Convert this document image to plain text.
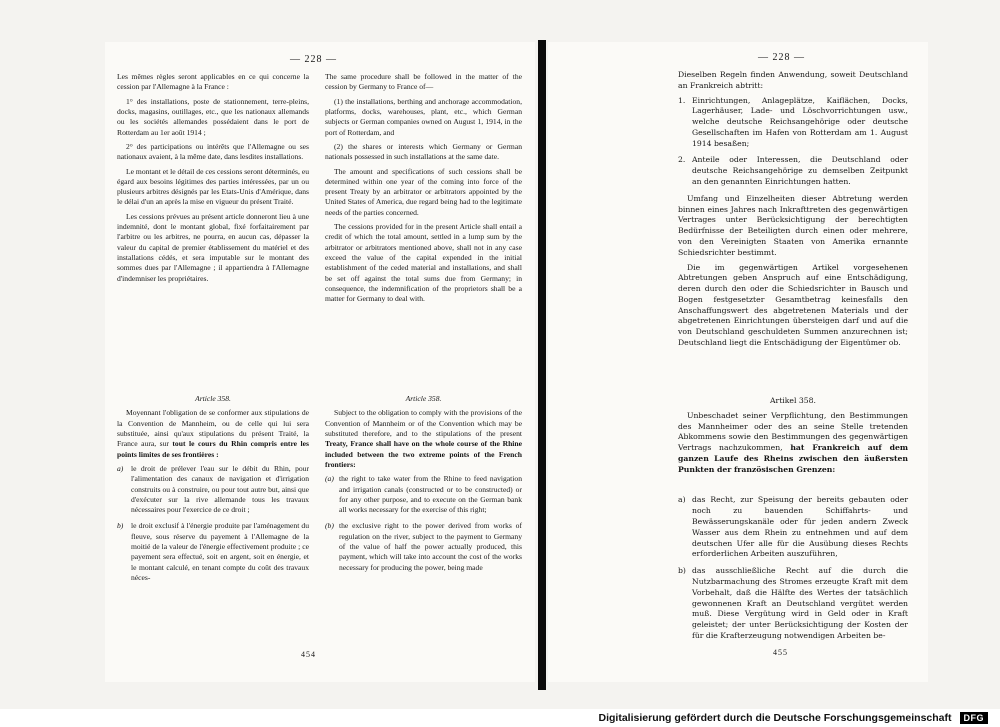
— 228 —

Les mêmes règles seront applicables en ce qui concerne la cession par l'Allemagne à la France :

1° des installations, poste de stationnement, terre-pleins, docks, magasins, outillages, etc., que les nationaux allemands ou les sociétés allemandes possédaient dans le port de Rotterdam au 1er août 1914 ;

2° des participations ou intérêts que l'Allemagne ou ses nationaux avaient, à la même date, dans lesdites installations.

Le montant et le détail de ces cessions seront déterminés, eu égard aux besoins légitimes des parties intéressées, par un ou plusieurs arbitres désignés par les Etats-Unis d'Amérique, dans le délai d'un an après la mise en vigueur du présent Traité.

Les cessions prévues au présent article donneront lieu à une indemnité, dont le montant global, fixé forfaitairement par l'arbitre ou les arbitres, ne pourra, en aucun cas, dépasser la valeur du capital de premier établissement du matériel et des installations cédés, et sera imputable sur le montant des sommes dues par l'Allemagne ; il appartiendra à l'Allemagne d'indemniser les propriétaires.

The same procedure shall be followed in the matter of the cession by Germany to France of—

(1) the installations, berthing and anchorage accommodation, platforms, docks, warehouses, plant, etc., which German subjects or German companies owned on August 1, 1914, in the port of Rotterdam, and

(2) the shares or interests which Germany or German nationals possessed in such installations at the same date.

The amount and specifications of such cessions shall be determined within one year of the coming into force of the present Treaty by an arbitrator or arbitrators appointed by the United States of America, due regard being had to the legitimate needs of the parties concerned.

The cessions provided for in the present Article shall entail a credit of which the total amount, settled in a lump sum by the arbitrator or arbitrators mentioned above, shall not in any case exceed the value of the capital expended in the initial establishment of the ceded material and installations, and shall be set off against the total sums due from Germany; in consequence, the indemnification of the proprietors shall be a matter for Germany to deal with.

Article 358.

Moyennant l'obligation de se conformer aux stipulations de la Convention de Mannheim, ou de celle qui lui sera substituée, ainsi qu'aux stipulations du présent Traité, la France aura, sur tout le cours du Rhin compris entre les points limites de ses frontières :

a) le droit de prélever l'eau sur le débit du Rhin, pour l'alimentation des canaux de navigation et d'irrigation construits ou à construire, ou pour tout autre but, ainsi que d'exécuter sur la rive allemande tous les travaux nécessaires pour l'exercice de ce droit ;
b) le droit exclusif à l'énergie produite par l'aménagement du fleuve, sous réserve du payement à l'Allemagne de la moitié de la valeur de l'énergie effectivement produite ; ce payement sera effectué, soit en argent, soit en énergie, et le montant calculé, en tenant compte du coût des travaux néces-
Article 358.

Subject to the obligation to comply with the provisions of the Convention of Mannheim or of the Convention which may be substituted therefore, and to the stipulations of the present Treaty, France shall have on the whole course of the Rhine included between the two extreme points of the French frontiers:

(a) the right to take water from the Rhine to feed navigation and irrigation canals (constructed or to be constructed) or for any other purpose, and to execute on the German bank all works necessary for the exercise of this right;
(b) the exclusive right to the power derived from works of regulation on the river, subject to the payment to Germany of the value of half the power actually produced, this payment, which will take into account the cost of the works necessary for producing the power, being made
454
— 228 —

Dieselben Regeln finden Anwendung, soweit Deutschland an Frankreich abtritt:

1. Einrichtungen, Anlageplätze, Kaiflächen, Docks, Lagerhäuser, Lade- und Löschvorrichtungen usw., welche deutsche Reichsangehörige oder deutsche Gesellschaften im Hafen von Rotterdam am 1. August 1914 besaßen;
2. Anteile oder Interessen, die Deutschland oder deutsche Reichsangehörige zu demselben Zeitpunkt an den genannten Einrichtungen hatten.

Umfang und Einzelheiten dieser Abtretung werden binnen eines Jahres nach Inkrafttreten des gegenwärtigen Vertrages unter Berücksichtigung der berechtigten Bedürfnisse der Beteiligten durch einen oder mehrere, von den Vereinigten Staaten von Amerika ernannte Schiedsrichter bestimmt.

Die im gegenwärtigen Artikel vorgesehenen Abtretungen geben Anspruch auf eine Entschädigung, deren durch den oder die Schiedsrichter in Bausch und Bogen festgesetzter Gesamtbetrag keinesfalls den Anschaffungswert des abgetretenen Materials und der abgetretenen Einrichtungen übersteigen darf und auf die von Deutschland geschuldeten Summen anzurechnen ist; Deutschland liegt die Entschädigung der Eigentümer ob.

Artikel 358.

Unbeschadet seiner Verpflichtung, den Bestimmungen des Mannheimer oder des an seine Stelle tretenden Abkommens sowie den Bestimmungen des gegenwärtigen Vertrags nachzukommen, hat Frankreich auf dem ganzen Laufe des Rheins zwischen den äußersten Punkten der französischen Grenzen:

a) das Recht, zur Speisung der bereits gebauten oder noch zu bauenden Schiffahrts- und Bewässerungskanäle oder für jeden andern Zweck Wasser aus dem Rhein zu entnehmen und auf dem deutschen Ufer alle für die Ausübung dieses Rechts erforderlichen Arbeiten auszuführen,
b) das ausschließliche Recht auf die durch die Nutzbarmachung des Stromes erzeugte Kraft mit dem Vorbehalt, daß die Hälfte des Wertes der tatsächlich gewonnenen Kraft an Deutschland vergütet werden muß. Diese Vergütung wird in Geld oder in Kraft geleistet; der unter Berücksichtigung der Kosten der für die Krafterzeugung notwendigen Arbeiten be-
455
Digitalisierung gefördert durch die Deutsche Forschungsgemeinschaft	DFG
